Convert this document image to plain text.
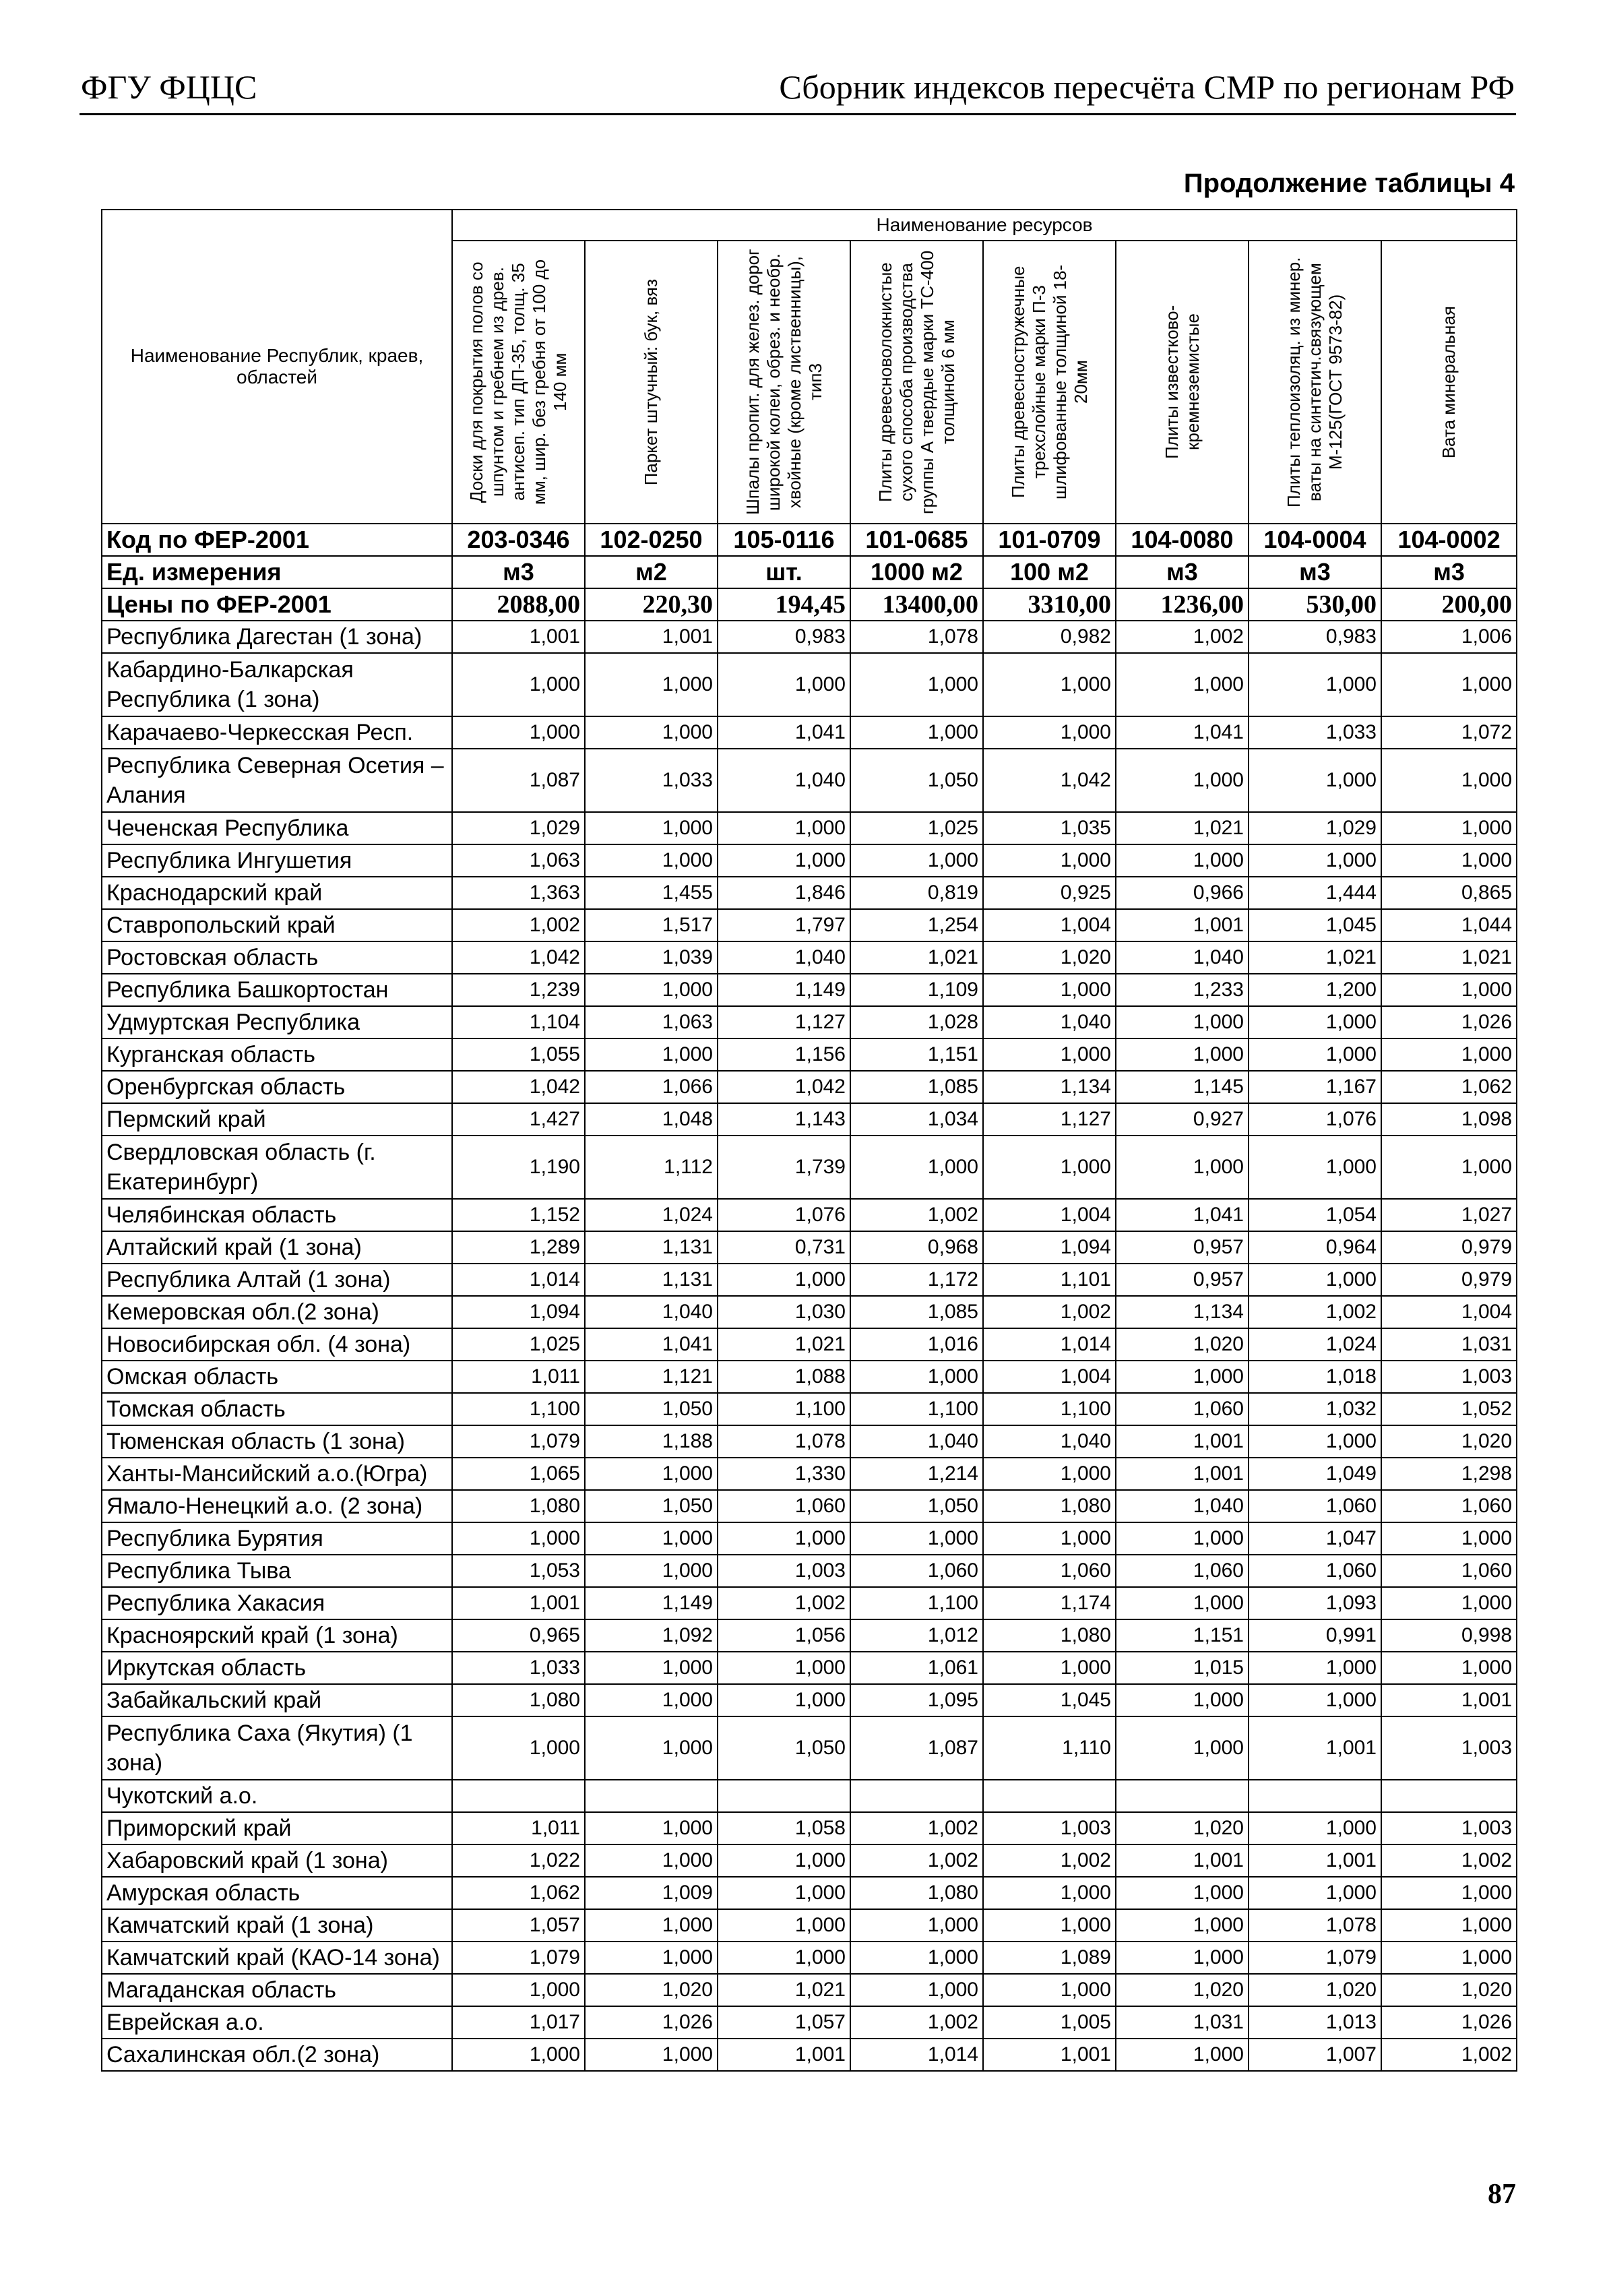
ФГУ ФЦЦС	Сборник индексов пересчёта СМР по регионам РФ
Продолжение таблицы 4
Наименование Республик, краев, областей	Наименование ресурсов							

	Доски для покрытия полов со шпунтом и гребнем из древ. антисеп. тип ДП-35, толщ. 35 мм, шир. без гребня от 100 до 140 мм	Паркет штучный: бук, вяз	Шпалы пропит. для желез. дорог широкой колеи, обрез. и необр. хвойные (кроме лиственницы), тип3	Плиты древесноволокнистые сухого способа производства группы А твердые марки ТС-400 толщиной 6 мм	Плиты древесностружечные трехслойные марки П-3 шлифованные толщиной 18-20мм	Плиты известково-кремнеземистые	Плиты теплоизоляц. из минер. ваты на синтетич.связующем М-125(ГОСТ 9573-82)	Вата минеральная

Код по ФЕР-2001	203-0346	102-0250	105-0116	101-0685	101-0709	104-0080	104-0004	104-0002
Ед. измерения	м3	м2	шт.	1000 м2	100 м2	м3	м3	м3
Цены по ФЕР-2001	2088,00	220,30	194,45	13400,00	3310,00	1236,00	530,00	200,00
Республика Дагестан (1 зона)	1,001	1,001	0,983	1,078	0,982	1,002	0,983	1,006
Кабардино-Балкарская Республика (1 зона)	1,000	1,000	1,000	1,000	1,000	1,000	1,000	1,000
Карачаево-Черкесская Респ.	1,000	1,000	1,041	1,000	1,000	1,041	1,033	1,072
Республика Северная Осетия – Алания	1,087	1,033	1,040	1,050	1,042	1,000	1,000	1,000
Чеченская Республика	1,029	1,000	1,000	1,025	1,035	1,021	1,029	1,000
Республика Ингушетия	1,063	1,000	1,000	1,000	1,000	1,000	1,000	1,000
Краснодарский край	1,363	1,455	1,846	0,819	0,925	0,966	1,444	0,865
Ставропольский край	1,002	1,517	1,797	1,254	1,004	1,001	1,045	1,044
Ростовская область	1,042	1,039	1,040	1,021	1,020	1,040	1,021	1,021
Республика Башкортостан	1,239	1,000	1,149	1,109	1,000	1,233	1,200	1,000
Удмуртская Республика	1,104	1,063	1,127	1,028	1,040	1,000	1,000	1,026
Курганская область	1,055	1,000	1,156	1,151	1,000	1,000	1,000	1,000
Оренбургская область	1,042	1,066	1,042	1,085	1,134	1,145	1,167	1,062
Пермский край	1,427	1,048	1,143	1,034	1,127	0,927	1,076	1,098
Свердловская область (г. Екатеринбург)	1,190	1,112	1,739	1,000	1,000	1,000	1,000	1,000
Челябинская область	1,152	1,024	1,076	1,002	1,004	1,041	1,054	1,027
Алтайский край (1 зона)	1,289	1,131	0,731	0,968	1,094	0,957	0,964	0,979
Республика Алтай (1 зона)	1,014	1,131	1,000	1,172	1,101	0,957	1,000	0,979
Кемеровская обл.(2 зона)	1,094	1,040	1,030	1,085	1,002	1,134	1,002	1,004
Новосибирская обл. (4 зона)	1,025	1,041	1,021	1,016	1,014	1,020	1,024	1,031
Омская область	1,011	1,121	1,088	1,000	1,004	1,000	1,018	1,003
Томская область	1,100	1,050	1,100	1,100	1,100	1,060	1,032	1,052
Тюменская область (1 зона)	1,079	1,188	1,078	1,040	1,040	1,001	1,000	1,020
Ханты-Мансийский а.о.(Югра)	1,065	1,000	1,330	1,214	1,000	1,001	1,049	1,298
Ямало-Ненецкий а.о. (2 зона)	1,080	1,050	1,060	1,050	1,080	1,040	1,060	1,060
Республика Бурятия	1,000	1,000	1,000	1,000	1,000	1,000	1,047	1,000
Республика Тыва	1,053	1,000	1,003	1,060	1,060	1,060	1,060	1,060
Республика Хакасия	1,001	1,149	1,002	1,100	1,174	1,000	1,093	1,000
Красноярский край (1 зона)	0,965	1,092	1,056	1,012	1,080	1,151	0,991	0,998
Иркутская область	1,033	1,000	1,000	1,061	1,000	1,015	1,000	1,000
Забайкальский край	1,080	1,000	1,000	1,095	1,045	1,000	1,000	1,001
Республика Саха (Якутия) (1 зона)	1,000	1,000	1,050	1,087	1,110	1,000	1,001	1,003
Чукотский а.о.								
Приморский край	1,011	1,000	1,058	1,002	1,003	1,020	1,000	1,003
Хабаровский край (1 зона)	1,022	1,000	1,000	1,002	1,002	1,001	1,001	1,002
Амурская область	1,062	1,009	1,000	1,080	1,000	1,000	1,000	1,000
Камчатский край (1 зона)	1,057	1,000	1,000	1,000	1,000	1,000	1,078	1,000
Камчатский край (КАО-14 зона)	1,079	1,000	1,000	1,000	1,089	1,000	1,079	1,000
Магаданская область	1,000	1,020	1,021	1,000	1,000	1,020	1,020	1,020
Еврейская а.о.	1,017	1,026	1,057	1,002	1,005	1,031	1,013	1,026
Сахалинская обл.(2 зона)	1,000	1,000	1,001	1,014	1,001	1,000	1,007	1,002
87
